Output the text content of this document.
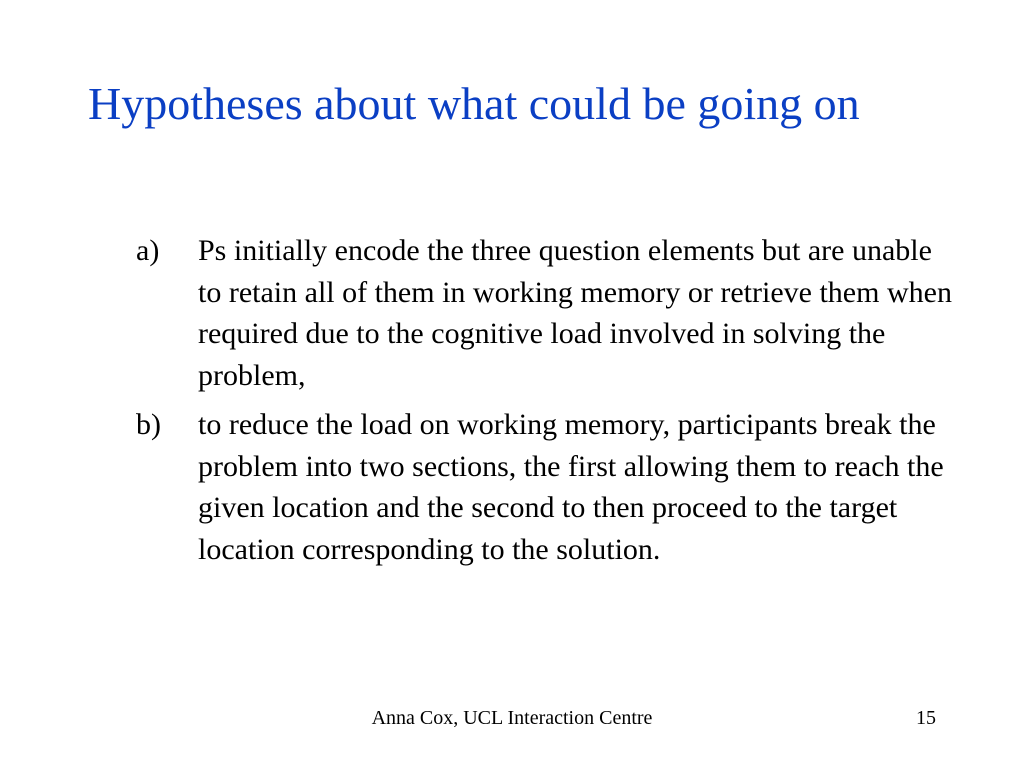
Hypotheses about what could be going on
a)	Ps initially encode the three question elements but are unable to retain all of them in working memory or retrieve them when required due to the cognitive load involved in solving the problem,
b)	to reduce the load on working memory, participants break the problem into two sections, the first allowing them to reach the given location and the second to then proceed to the target location corresponding to the solution.
Anna Cox, UCL Interaction Centre	15
